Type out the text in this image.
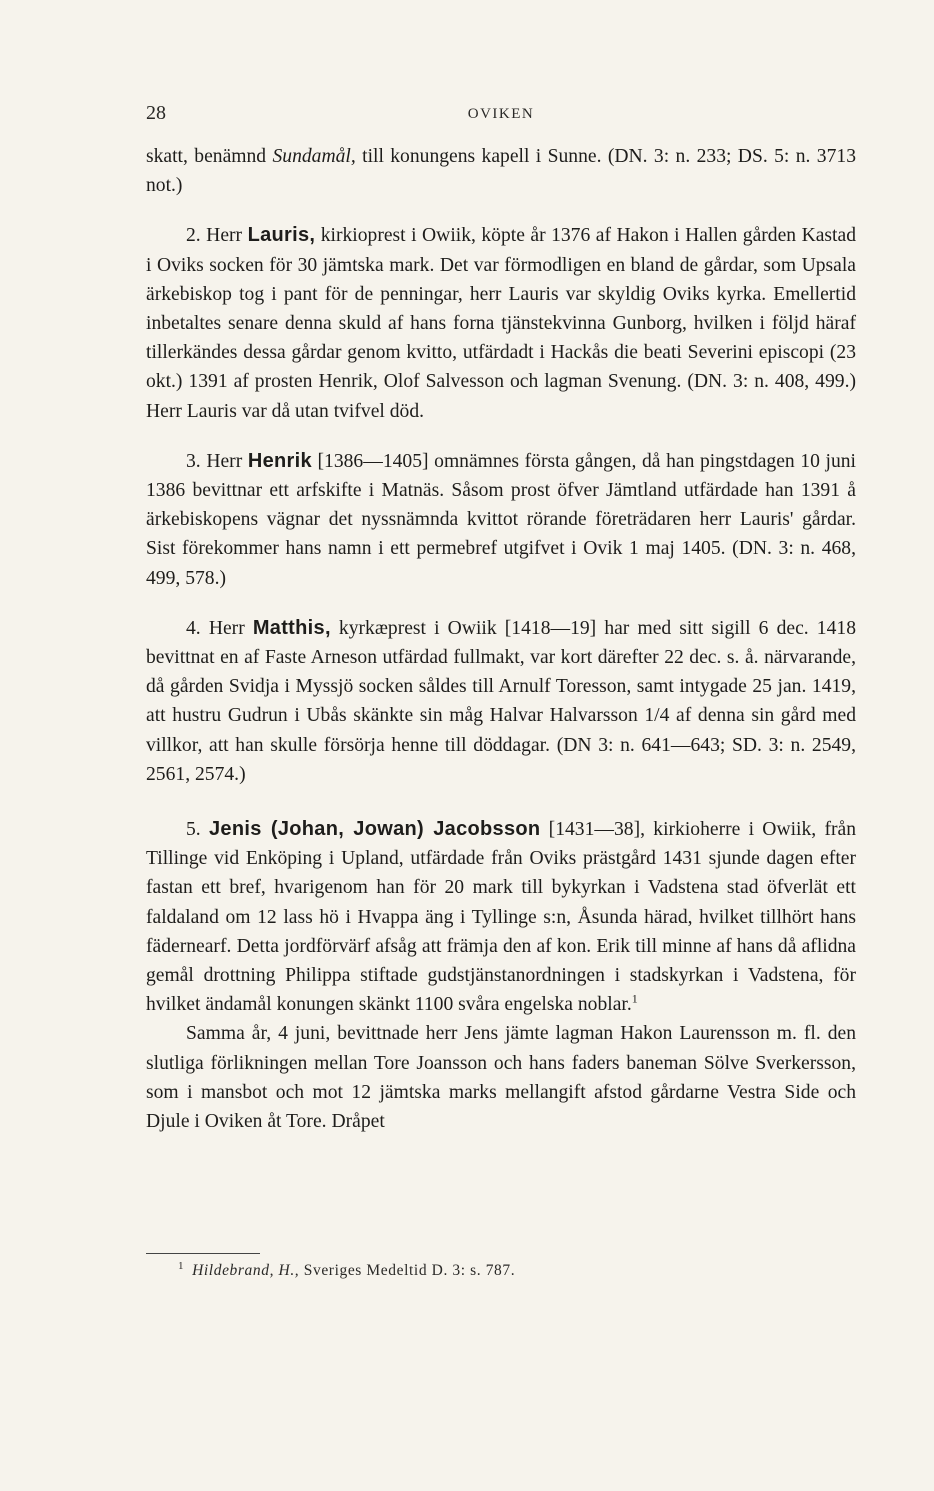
28	OVIKEN

skatt, benämnd Sundamål, till konungens kapell i Sunne. (DN. 3: n. 233; DS. 5: n. 3713 not.)

2. Herr Lauris, kirkioprest i Owiik, köpte år 1376 af Hakon i Hallen gården Kastad i Oviks socken för 30 jämtska mark. Det var förmodligen en bland de gårdar, som Upsala ärkebiskop tog i pant för de penningar, herr Lauris var skyldig Oviks kyrka. Emellertid inbetaltes senare denna skuld af hans forna tjänstekvinna Gunborg, hvilken i följd häraf tillerkändes dessa gårdar genom kvitto, utfärdadt i Hackås die beati Severini episcopi (23 okt.) 1391 af prosten Henrik, Olof Salvesson och lagman Svenung. (DN. 3: n. 408, 499.) Herr Lauris var då utan tvifvel död.

3. Herr Henrik [1386—1405] omnämnes första gången, då han pingstdagen 10 juni 1386 bevittnar ett arfskifte i Matnäs. Såsom prost öfver Jämtland utfärdade han 1391 å ärkebiskopens vägnar det nyssnämnda kvittot rörande företrädaren herr Lauris' gårdar. Sist förekommer hans namn i ett permebref utgifvet i Ovik 1 maj 1405. (DN. 3: n. 468, 499, 578.)

4. Herr Matthis, kyrkæprest i Owiik [1418—19] har med sitt sigill 6 dec. 1418 bevittnat en af Faste Arneson utfärdad fullmakt, var kort därefter 22 dec. s. å. närvarande, då gården Svidja i Myssjö socken såldes till Arnulf Toresson, samt intygade 25 jan. 1419, att hustru Gudrun i Ubås skänkte sin måg Halvar Halvarsson 1/4 af denna sin gård med villkor, att han skulle försörja henne till döddagar. (DN 3: n. 641—643; SD. 3: n. 2549, 2561, 2574.)

5. Jenis (Johan, Jowan) Jacobsson [1431—38], kirkioherre i Owiik, från Tillinge vid Enköping i Upland, utfärdade från Oviks prästgård 1431 sjunde dagen efter fastan ett bref, hvarigenom han för 20 mark till bykyrkan i Vadstena stad öfverlät ett faldaland om 12 lass hö i Hvappa äng i Tyllinge s:n, Åsunda härad, hvilket tillhört hans fädernearf. Detta jordförvärf afsåg att främja den af kon. Erik till minne af hans då aflidna gemål drottning Philippa stiftade gudstjänstanordningen i stadskyrkan i Vadstena, för hvilket ändamål konungen skänkt 1100 svåra engelska noblar.$^1$

Samma år, 4 juni, bevittnade herr Jens jämte lagman Hakon Laurensson m. fl. den slutliga förlikningen mellan Tore Joansson och hans faders baneman Sölve Sverkersson, som i mansbot och mot 12 jämtska marks mellangift afstod gårdarne Vestra Side och Djule i Oviken åt Tore. Dråpet

$^1$ Hildebrand, H., Sveriges Medeltid D. 3: s. 787.
